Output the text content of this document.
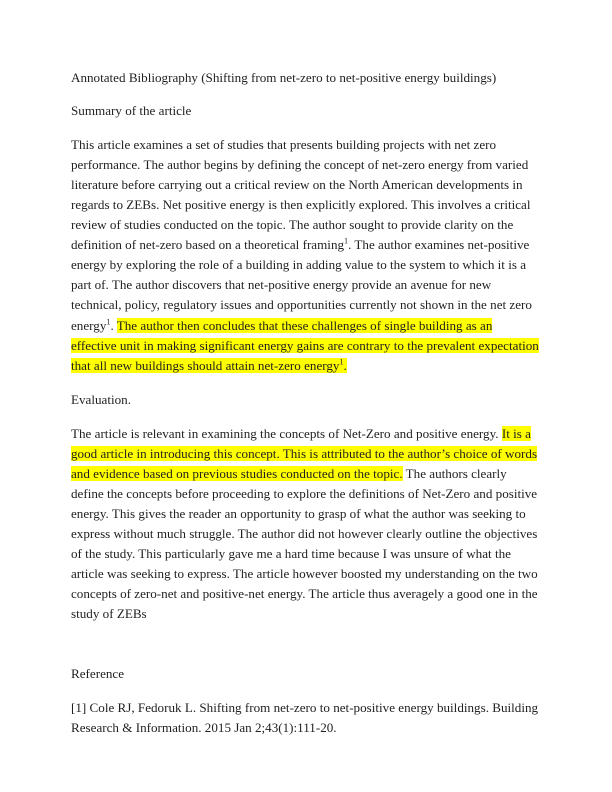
Annotated Bibliography (Shifting from net-zero to net-positive energy buildings)

Summary of the article

This article examines a set of studies that presents building projects with net zero performance. The author begins by defining the concept of net-zero energy from varied literature before carrying out a critical review on the North American developments in regards to ZEBs. Net positive energy is then explicitly explored. This involves a critical review of studies conducted on the topic. The author sought to provide clarity on the definition of net-zero based on a theoretical framing$^1$. The author examines net-positive energy by exploring the role of a building in adding value to the system to which it is a part of. The author discovers that net-positive energy provide an avenue for new technical, policy, regulatory issues and opportunities currently not shown in the net zero energy$^1$. The author then concludes that these challenges of single building as an effective unit in making significant energy gains are contrary to the prevalent expectation that all new buildings should attain net-zero energy$^1$.

Evaluation.

The article is relevant in examining the concepts of Net-Zero and positive energy. It is a good article in introducing this concept. This is attributed to the author’s choice of words and evidence based on previous studies conducted on the topic. The authors clearly define the concepts before proceeding to explore the definitions of Net-Zero and positive energy. This gives the reader an opportunity to grasp of what the author was seeking to express without much struggle. The author did not however clearly outline the objectives of the study. This particularly gave me a hard time because I was unsure of what the article was seeking to express. The article however boosted my understanding on the two concepts of zero-net and positive-net energy. The article thus averagely a good one in the study of ZEBs

Reference

[1] Cole RJ, Fedoruk L. Shifting from net-zero to net-positive energy buildings. Building Research & Information. 2015 Jan 2;43(1):111-20.
